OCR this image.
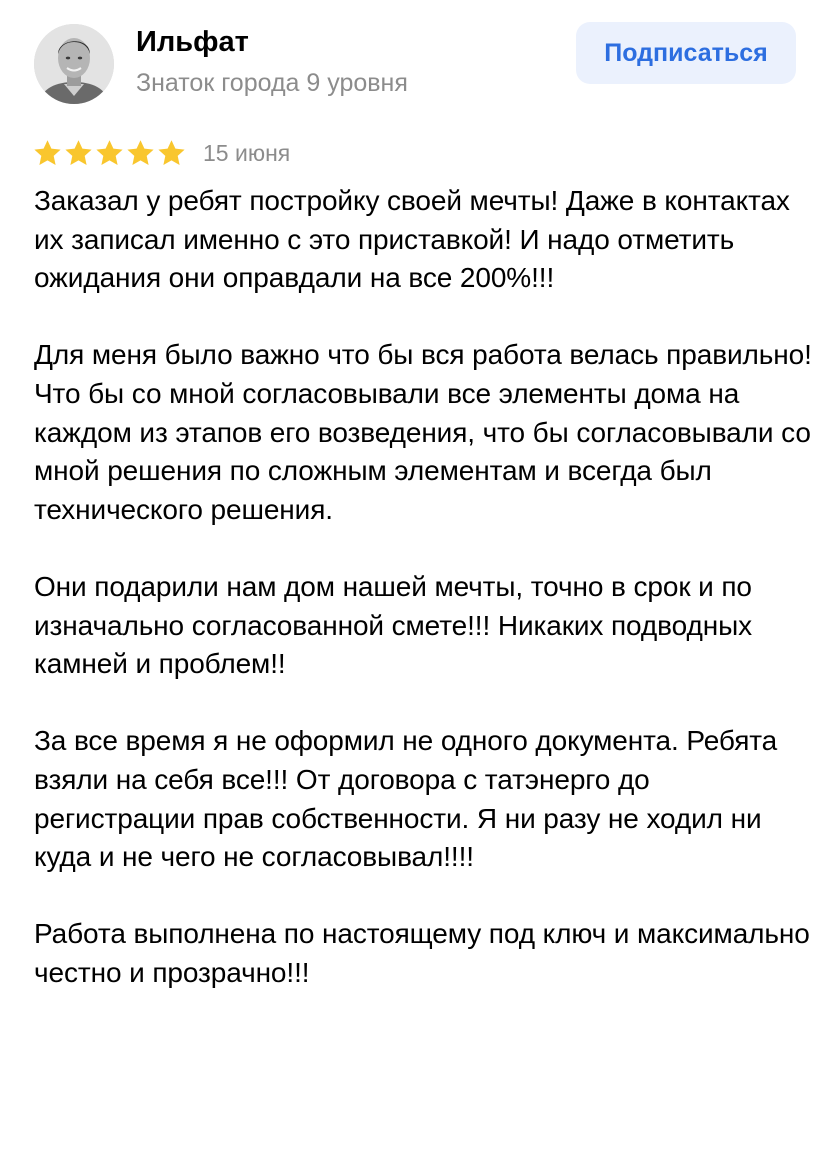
Ильфат
Знаток города 9 уровня
Подписаться
15 июня

Заказал у ребят постройку своей мечты! Даже в контактах их записал именно с это приставкой! И надо отметить ожидания они оправдали на все 200%!!!

Для меня было важно что бы вся работа велась правильно! Что бы со мной согласовывали все элементы дома на каждом из этапов его возведения, что бы согласовывали со мной решения по сложным элементам и всегда был технического решения.

Они подарили нам дом нашей мечты, точно в срок и по изначально согласованной смете!!! Никаких подводных камней и проблем!!

За все время я не оформил не одного документа. Ребята взяли на себя все!!! От договора с татэнерго до регистрации прав собственности. Я ни разу не ходил ни куда и не чего не согласовывал!!!!

Работа выполнена по настоящему под ключ и максимально честно и прозрачно!!!
